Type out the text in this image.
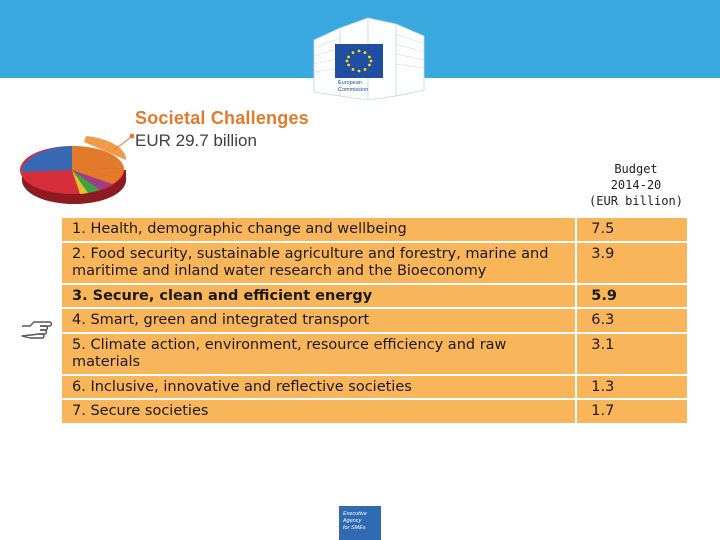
European
Commission
Societal Challenges
EUR 29.7 billion
Budget
2014-20
(EUR billion)
1. Health, demographic change and wellbeing	7.5
2. Food security, sustainable agriculture and forestry, marine and maritime and inland water research and the Bioeconomy	3.9
3. Secure, clean and efficient energy	5.9
4. Smart, green and integrated transport	6.3
5. Climate action, environment, resource efficiency and raw materials	3.1
6. Inclusive, innovative and reflective societies	1.3
7. Secure societies	1.7
Executive
Agency
for SMEs
